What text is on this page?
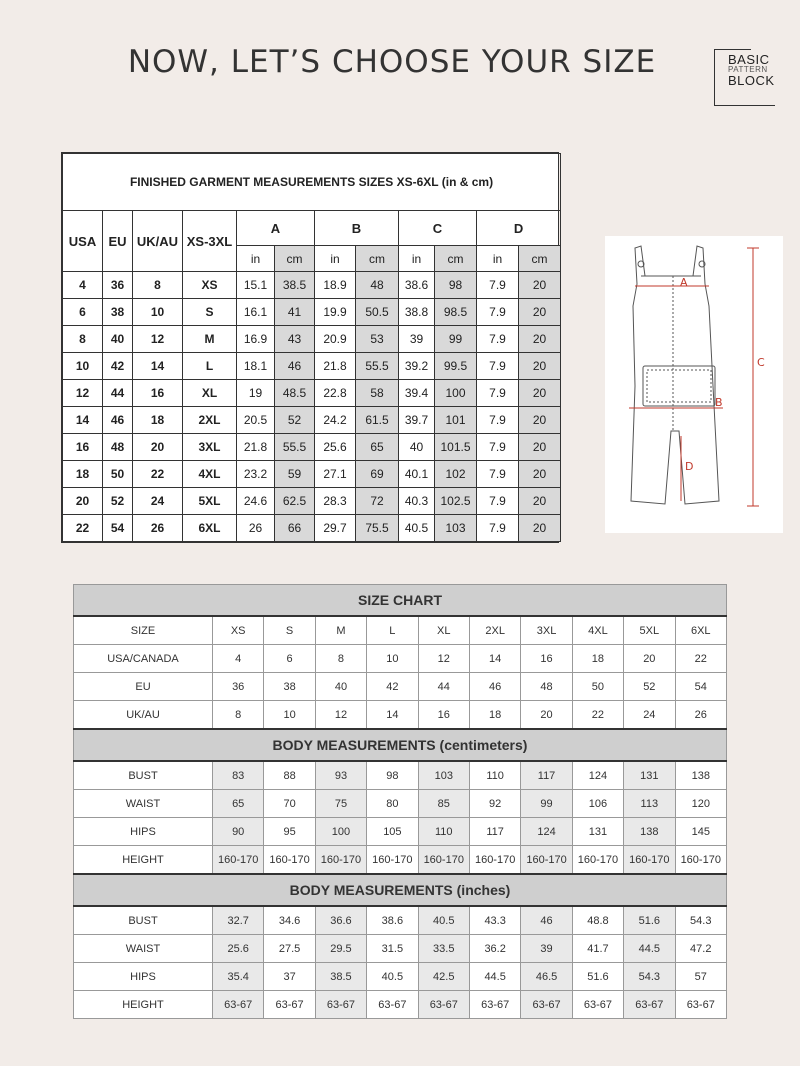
NOW, LET’S CHOOSE YOUR SIZE	BASIC
PATTERN
BLOCK
FINISHED GARMENT MEASUREMENTS SIZES XS-6XL (in & cm)											
USA	EU	UK/AU	XS-3XL	A		B		C		D	
				in	cm	in	cm	in	cm	in	cm
4	36	8	XS	15.1	38.5	18.9	48	38.6	98	7.9	20
6	38	10	S	16.1	41	19.9	50.5	38.8	98.5	7.9	20
8	40	12	M	16.9	43	20.9	53	39	99	7.9	20
10	42	14	L	18.1	46	21.8	55.5	39.2	99.5	7.9	20
12	44	16	XL	19	48.5	22.8	58	39.4	100	7.9	20
14	46	18	2XL	20.5	52	24.2	61.5	39.7	101	7.9	20
16	48	20	3XL	21.8	55.5	25.6	65	40	101.5	7.9	20
18	50	22	4XL	23.2	59	27.1	69	40.1	102	7.9	20
20	52	24	5XL	24.6	62.5	28.3	72	40.3	102.5	7.9	20
22	54	26	6XL	26	66	29.7	75.5	40.5	103	7.9	20
A
B
C
D
SIZE CHART										
SIZE	XS	S	M	L	XL	2XL	3XL	4XL	5XL	6XL
USA/CANADA	4	6	8	10	12	14	16	18	20	22
EU	36	38	40	42	44	46	48	50	52	54
UK/AU	8	10	12	14	16	18	20	22	24	26
BODY MEASUREMENTS (centimeters)										
BUST	83	88	93	98	103	110	117	124	131	138
WAIST	65	70	75	80	85	92	99	106	113	120
HIPS	90	95	100	105	110	117	124	131	138	145
HEIGHT	160-170	160-170	160-170	160-170	160-170	160-170	160-170	160-170	160-170	160-170
BODY MEASUREMENTS (inches)										
BUST	32.7	34.6	36.6	38.6	40.5	43.3	46	48.8	51.6	54.3
WAIST	25.6	27.5	29.5	31.5	33.5	36.2	39	41.7	44.5	47.2
HIPS	35.4	37	38.5	40.5	42.5	44.5	46.5	51.6	54.3	57
HEIGHT	63-67	63-67	63-67	63-67	63-67	63-67	63-67	63-67	63-67	63-67
